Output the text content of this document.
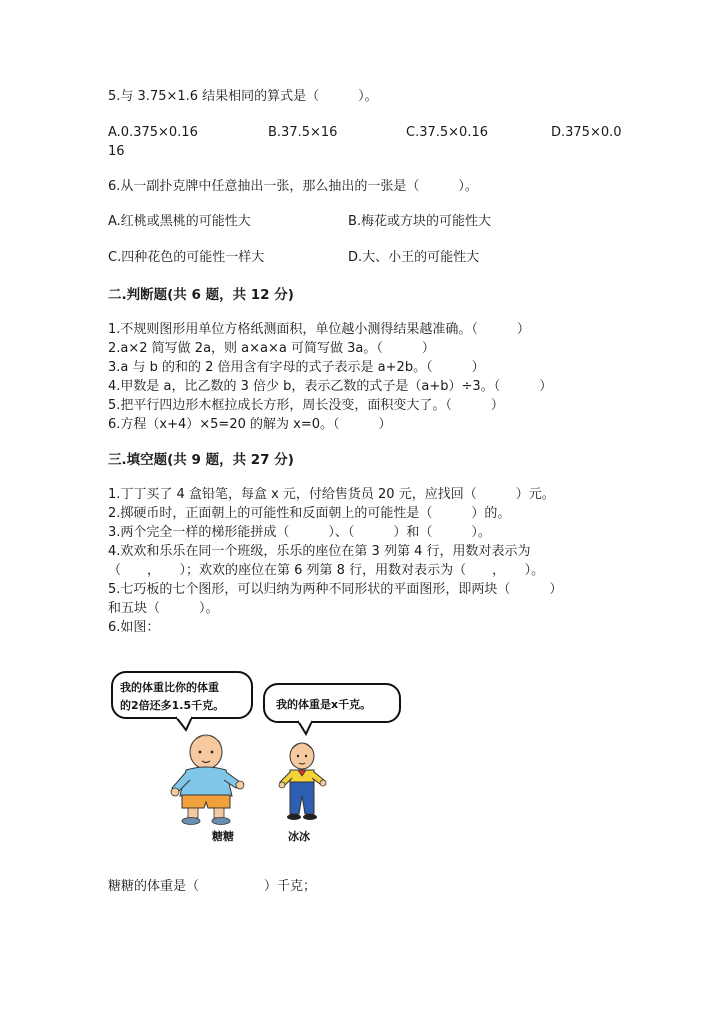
5.与 3.75×1.6 结果相同的算式是（　　　）。
A.0.375×0.16	B.37.5×16	C.37.5×0.16	D.375×0.0
16
6.从一副扑克牌中任意抽出一张，那么抽出的一张是（　　　）。
A.红桃或黑桃的可能性大	B.梅花或方块的可能性大
C.四种花色的可能性一样大	D.大、小王的可能性大
二.判断题(共 6 题，共 12 分)
1.不规则图形用单位方格纸测面积，单位越小测得结果越准确。（　　　）
2.a×2 简写做 2a，则 a×a×a 可简写做 3a。（　　　）
3.a 与 b 的和的 2 倍用含有字母的式子表示是 a+2b。（　　　）
4.甲数是 a，比乙数的 3 倍少 b，表示乙数的式子是（a+b）÷3。（　　　）
5.把平行四边形木框拉成长方形，周长没变，面积变大了。（　　　）
6.方程（x+4）×5=20 的解为 x=0。（　　　）
三.填空题(共 9 题，共 27 分)
1.丁丁买了 4 盒铅笔，每盒 x 元，付给售货员 20 元，应找回（　　　）元。
2.掷硬币时，正面朝上的可能性和反面朝上的可能性是（　　　）的。
3.两个完全一样的梯形能拼成（　　　）、（　　　）和（　　　）。
4.欢欢和乐乐在同一个班级，乐乐的座位在第 3 列第 4 行，用数对表示为
（　　，　　）；欢欢的座位在第 6 列第 8 行，用数对表示为（　　，　　）。
5.七巧板的七个图形，可以归纳为两种不同形状的平面图形，即两块（　　　）
和五块（　　　）。
6.如图：
我的体重比你的体重
的2倍还多1.5千克。	我的体重是x千克。
糖糖	冰冰
糖糖的体重是（　　　　　）千克；
